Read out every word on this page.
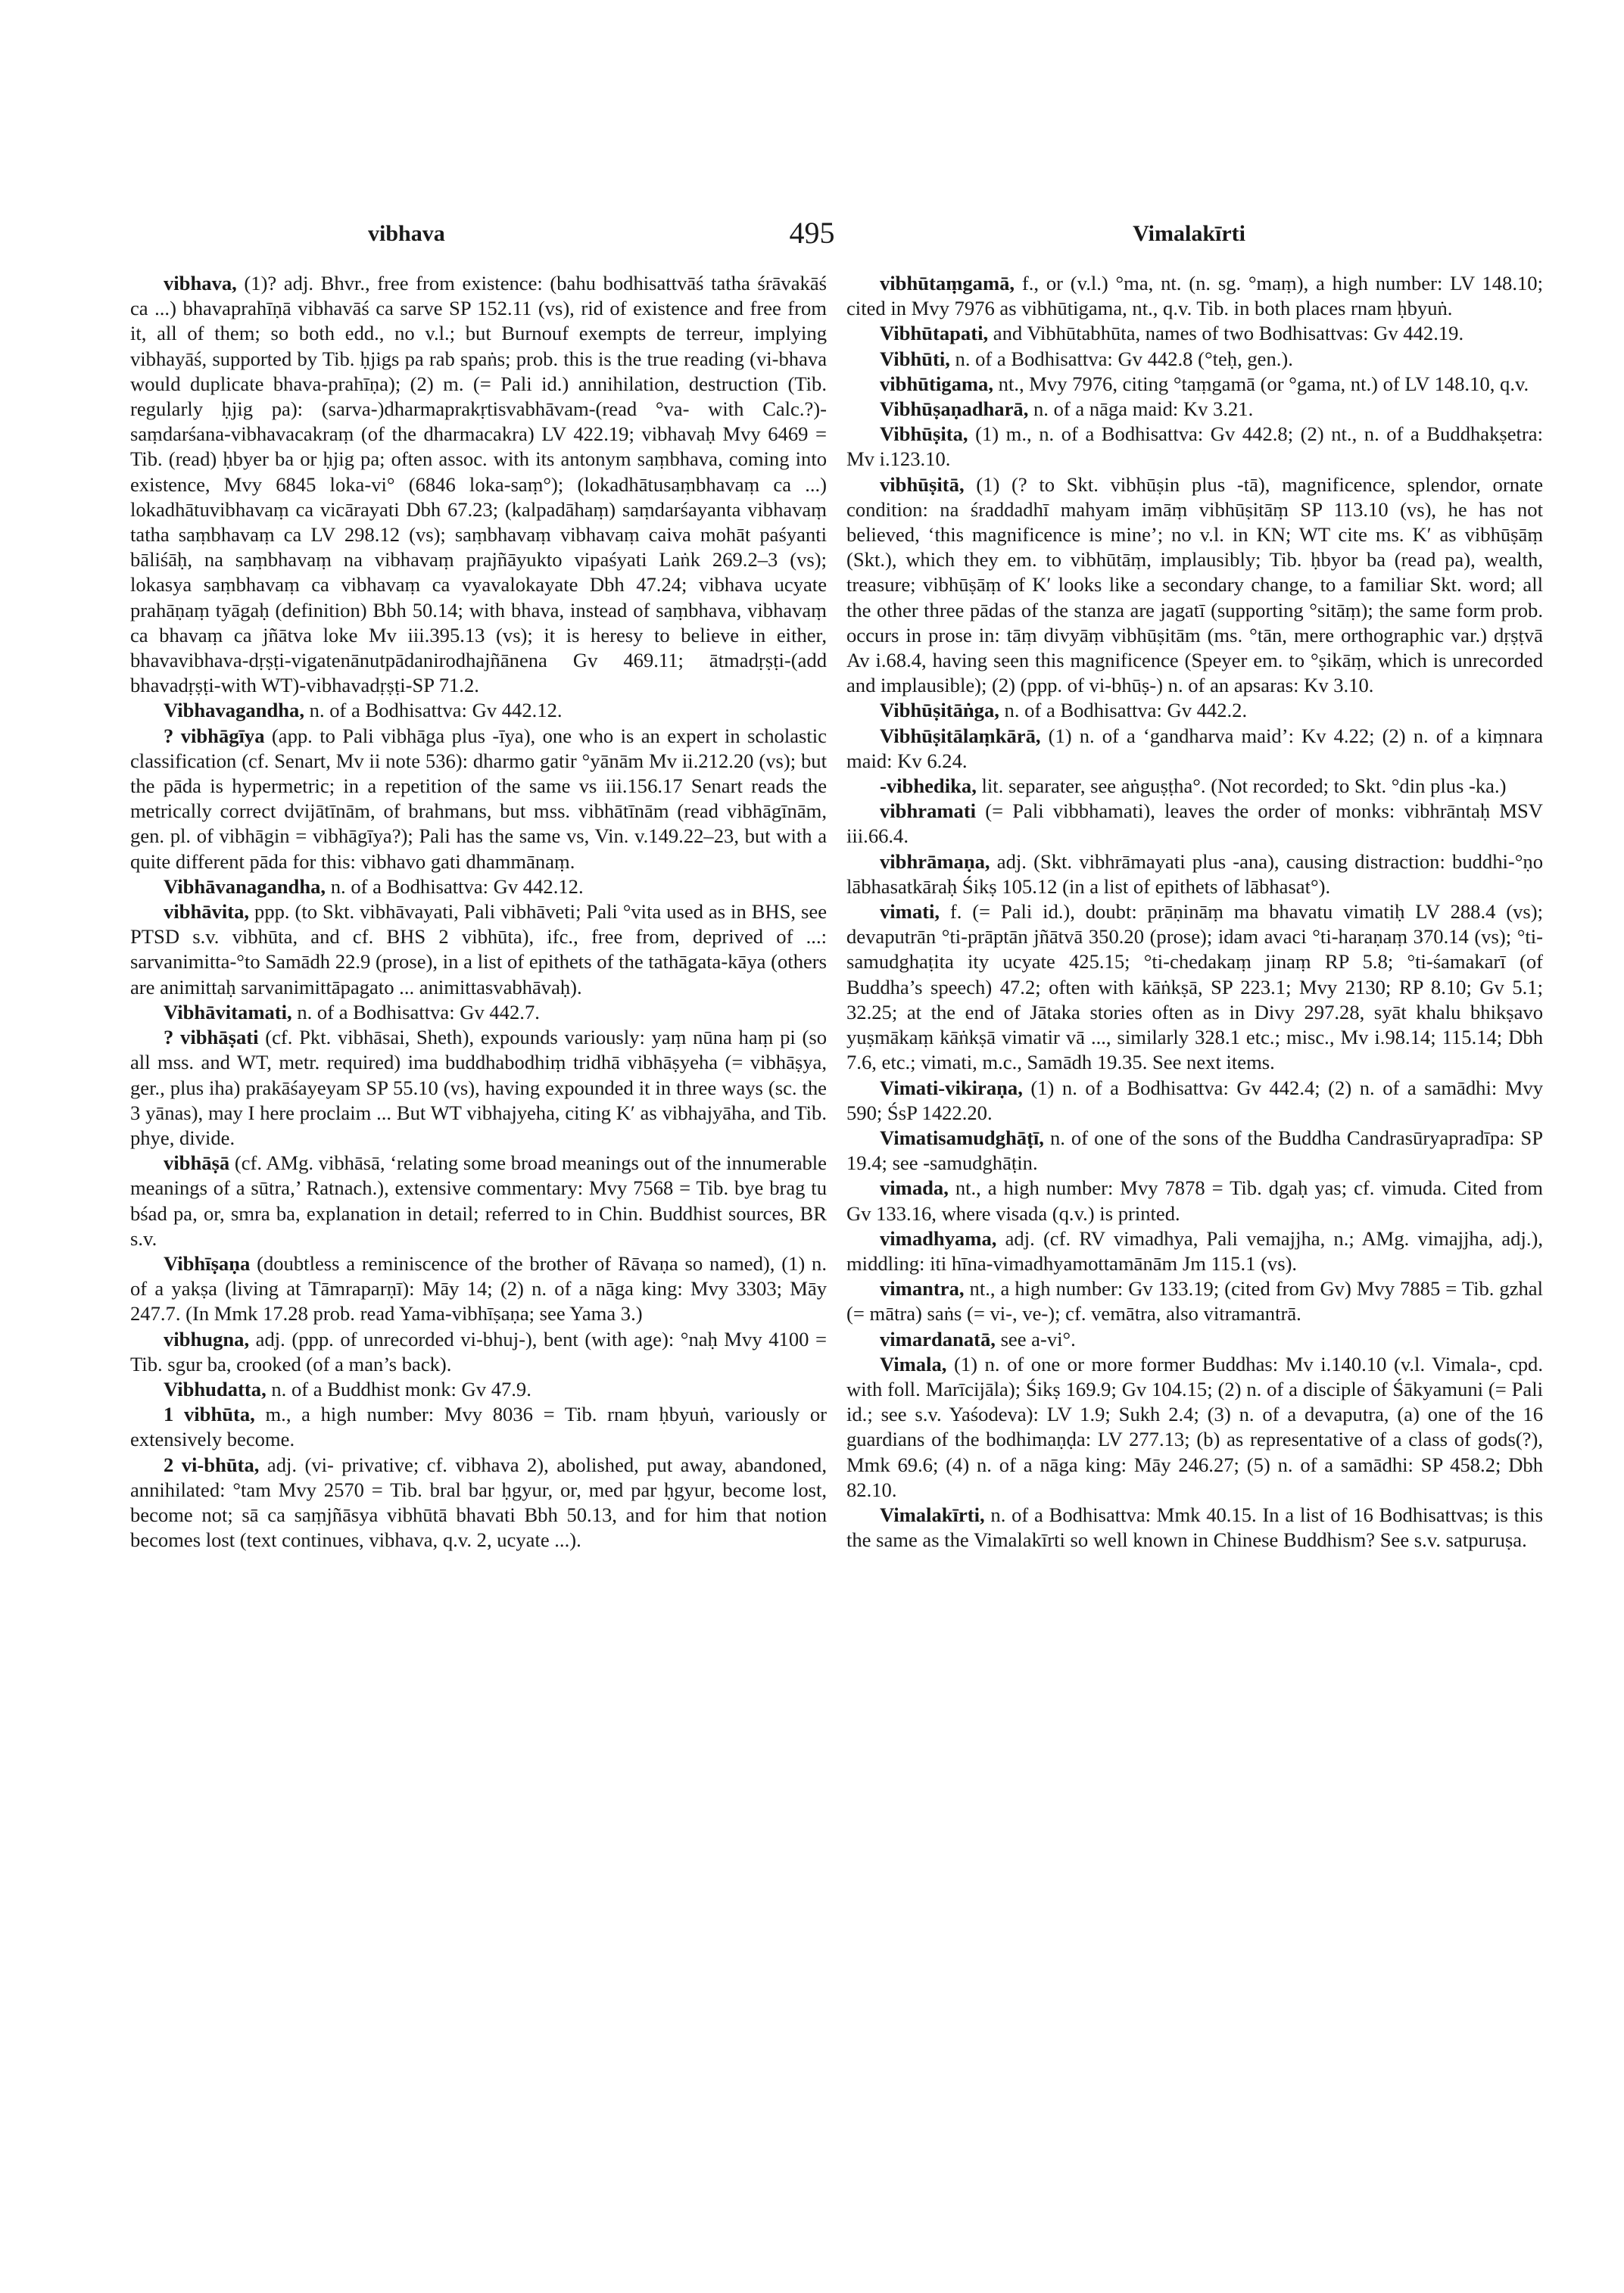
vibhava	495	Vimalakīrti

vibhava, (1)? adj. Bhvr., free from existence: (bahu bodhisattvāś tatha śrāvakāś ca ...) bhavaprahīṇā vibhavāś ca sarve SP 152.11 (vs), rid of existence and free from it, all of them; so both edd., no v.l.; but Burnouf exempts de terreur, implying vibhayāś, supported by Tib. ḥjigs pa rab spaṅs; prob. this is the true reading (vi-bhava would duplicate bhava-prahīṇa); (2) m. (= Pali id.) annihilation, destruction (Tib. regularly ḥjig pa): (sarva-)dharmaprakṛtisvabhāvam-(read °va- with Calc.?)-saṃdarśana-vibhavacakraṃ (of the dharmacakra) LV 422.19; vibhavaḥ Mvy 6469 = Tib. (read) ḥbyer ba or ḥjig pa; often assoc. with its antonym saṃbhava, coming into existence, Mvy 6845 loka-vi° (6846 loka-saṃ°); (lokadhātusaṃbhavaṃ ca ...) lokadhātuvibhavaṃ ca vicārayati Dbh 67.23; (kalpadāhaṃ) saṃdarśayanta vibhavaṃ tatha saṃbhavaṃ ca LV 298.12 (vs); saṃbhavaṃ vibhavaṃ caiva mohāt paśyanti bāliśāḥ, na saṃbhavaṃ na vibhavaṃ prajñāyukto vipaśyati Laṅk 269.2–3 (vs); lokasya saṃbhavaṃ ca vibhavaṃ ca vyavalokayate Dbh 47.24; vibhava ucyate prahāṇaṃ tyāgaḥ (definition) Bbh 50.14; with bhava, instead of saṃbhava, vibhavaṃ ca bhavaṃ ca jñātva loke Mv iii.395.13 (vs); it is heresy to believe in either, bhavavibhava-dṛṣṭi-vigatenānutpādanirodhajñānena Gv 469.11; ātmadṛṣṭi-(add bhavadṛṣṭi-with WT)-vibhavadṛṣṭi-SP 71.2.

Vibhavagandha, n. of a Bodhisattva: Gv 442.12.

? vibhāgīya (app. to Pali vibhāga plus -īya), one who is an expert in scholastic classification (cf. Senart, Mv ii note 536): dharmo gatir °yānām Mv ii.212.20 (vs); but the pāda is hypermetric; in a repetition of the same vs iii.156.17 Senart reads the metrically correct dvijātīnām, of brahmans, but mss. vibhātīnām (read vibhāgīnām, gen. pl. of vibhāgin = vibhāgīya?); Pali has the same vs, Vin. v.149.22–23, but with a quite different pāda for this: vibhavo gati dhammānaṃ.

Vibhāvanagandha, n. of a Bodhisattva: Gv 442.12.

vibhāvita, ppp. (to Skt. vibhāvayati, Pali vibhāveti; Pali °vita used as in BHS, see PTSD s.v. vibhūta, and cf. BHS 2 vibhūta), ifc., free from, deprived of ...: sarvanimitta-°to Samādh 22.9 (prose), in a list of epithets of the tathāgata-kāya (others are animittaḥ sarvanimittāpagato ... animittasvabhāvaḥ).

Vibhāvitamati, n. of a Bodhisattva: Gv 442.7.

? vibhāṣati (cf. Pkt. vibhāsai, Sheth), expounds variously: yaṃ nūna haṃ pi (so all mss. and WT, metr. required) ima buddhabodhiṃ tridhā vibhāṣyeha (= vibhāṣya, ger., plus iha) prakāśayeyam SP 55.10 (vs), having expounded it in three ways (sc. the 3 yānas), may I here proclaim ... But WT vibhajyeha, citing K′ as vibhajyāha, and Tib. phye, divide.

vibhāṣā (cf. AMg. vibhāsā, ‘relating some broad meanings out of the innumerable meanings of a sūtra,’ Ratnach.), extensive commentary: Mvy 7568 = Tib. bye brag tu bśad pa, or, smra ba, explanation in detail; referred to in Chin. Buddhist sources, BR s.v.

Vibhīṣaṇa (doubtless a reminiscence of the brother of Rāvaṇa so named), (1) n. of a yakṣa (living at Tāmraparṇī): Māy 14; (2) n. of a nāga king: Mvy 3303; Māy 247.7. (In Mmk 17.28 prob. read Yama-vibhīṣaṇa; see Yama 3.)

vibhugna, adj. (ppp. of unrecorded vi-bhuj-), bent (with age): °naḥ Mvy 4100 = Tib. sgur ba, crooked (of a man’s back).

Vibhudatta, n. of a Buddhist monk: Gv 47.9.

1 vibhūta, m., a high number: Mvy 8036 = Tib. rnam ḥbyuṅ, variously or extensively become.

2 vi-bhūta, adj. (vi- privative; cf. vibhava 2), abolished, put away, abandoned, annihilated: °tam Mvy 2570 = Tib. bral bar ḥgyur, or, med par ḥgyur, become lost, become not; sā ca saṃjñāsya vibhūtā bhavati Bbh 50.13, and for him that notion becomes lost (text continues, vibhava, q.v. 2, ucyate ...).

vibhūtaṃgamā, f., or (v.l.) °ma, nt. (n. sg. °maṃ), a high number: LV 148.10; cited in Mvy 7976 as vibhūtigama, nt., q.v. Tib. in both places rnam ḥbyuṅ.

Vibhūtapati, and Vibhūtabhūta, names of two Bodhisattvas: Gv 442.19.

Vibhūti, n. of a Bodhisattva: Gv 442.8 (°teḥ, gen.).

vibhūtigama, nt., Mvy 7976, citing °taṃgamā (or °gama, nt.) of LV 148.10, q.v.

Vibhūṣaṇadharā, n. of a nāga maid: Kv 3.21.

Vibhūṣita, (1) m., n. of a Bodhisattva: Gv 442.8; (2) nt., n. of a Buddhakṣetra: Mv i.123.10.

vibhūṣitā, (1) (? to Skt. vibhūṣin plus -tā), magnificence, splendor, ornate condition: na śraddadhī mahyam imāṃ vibhūṣitāṃ SP 113.10 (vs), he has not believed, ‘this magnificence is mine’; no v.l. in KN; WT cite ms. K′ as vibhūṣāṃ (Skt.), which they em. to vibhūtāṃ, implausibly; Tib. ḥbyor ba (read pa), wealth, treasure; vibhūṣāṃ of K′ looks like a secondary change, to a familiar Skt. word; all the other three pādas of the stanza are jagatī (supporting °sitāṃ); the same form prob. occurs in prose in: tāṃ divyāṃ vibhūṣitām (ms. °tān, mere orthographic var.) dṛṣṭvā Av i.68.4, having seen this magnificence (Speyer em. to °ṣikāṃ, which is unrecorded and implausible); (2) (ppp. of vi-bhūṣ-) n. of an apsaras: Kv 3.10.

Vibhūṣitāṅga, n. of a Bodhisattva: Gv 442.2.

Vibhūṣitālaṃkārā, (1) n. of a ‘gandharva maid’: Kv 4.22; (2) n. of a kiṃnara maid: Kv 6.24.

-vibhedika, lit. separater, see aṅguṣṭha°. (Not recorded; to Skt. °din plus -ka.)

vibhramati (= Pali vibbhamati), leaves the order of monks: vibhrāntaḥ MSV iii.66.4.

vibhrāmaṇa, adj. (Skt. vibhrāmayati plus -ana), causing distraction: buddhi-°ṇo lābhasatkāraḥ Śikṣ 105.12 (in a list of epithets of lābhasat°).

vimati, f. (= Pali id.), doubt: prāṇināṃ ma bhavatu vimatiḥ LV 288.4 (vs); devaputrān °ti-prāptān jñātvā 350.20 (prose); idam avaci °ti-haraṇaṃ 370.14 (vs); °ti-samudghaṭita ity ucyate 425.15; °ti-chedakaṃ jinaṃ RP 5.8; °ti-śamakarī (of Buddha’s speech) 47.2; often with kāṅkṣā, SP 223.1; Mvy 2130; RP 8.10; Gv 5.1; 32.25; at the end of Jātaka stories often as in Divy 297.28, syāt khalu bhikṣavo yuṣmākaṃ kāṅkṣā vimatir vā ..., similarly 328.1 etc.; misc., Mv i.98.14; 115.14; Dbh 7.6, etc.; vimati, m.c., Samādh 19.35. See next items.

Vimati-vikiraṇa, (1) n. of a Bodhisattva: Gv 442.4; (2) n. of a samādhi: Mvy 590; ŚsP 1422.20.

Vimatisamudghāṭī, n. of one of the sons of the Buddha Candrasūryapradīpa: SP 19.4; see -samudghāṭin.

vimada, nt., a high number: Mvy 7878 = Tib. dgaḥ yas; cf. vimuda. Cited from Gv 133.16, where visada (q.v.) is printed.

vimadhyama, adj. (cf. RV vimadhya, Pali vemajjha, n.; AMg. vimajjha, adj.), middling: iti hīna-vimadhyamottamānām Jm 115.1 (vs).

vimantra, nt., a high number: Gv 133.19; (cited from Gv) Mvy 7885 = Tib. gzhal (= mātra) saṅs (= vi-, ve-); cf. vemātra, also vitramantrā.

vimardanatā, see a-vi°.

Vimala, (1) n. of one or more former Buddhas: Mv i.140.10 (v.l. Vimala-, cpd. with foll. Marīcijāla); Śikṣ 169.9; Gv 104.15; (2) n. of a disciple of Śākyamuni (= Pali id.; see s.v. Yaśodeva): LV 1.9; Sukh 2.4; (3) n. of a devaputra, (a) one of the 16 guardians of the bodhimaṇḍa: LV 277.13; (b) as representative of a class of gods(?), Mmk 69.6; (4) n. of a nāga king: Māy 246.27; (5) n. of a samādhi: SP 458.2; Dbh 82.10.

Vimalakīrti, n. of a Bodhisattva: Mmk 40.15. In a list of 16 Bodhisattvas; is this the same as the Vimalakīrti so well known in Chinese Buddhism? See s.v. satpuruṣa.
